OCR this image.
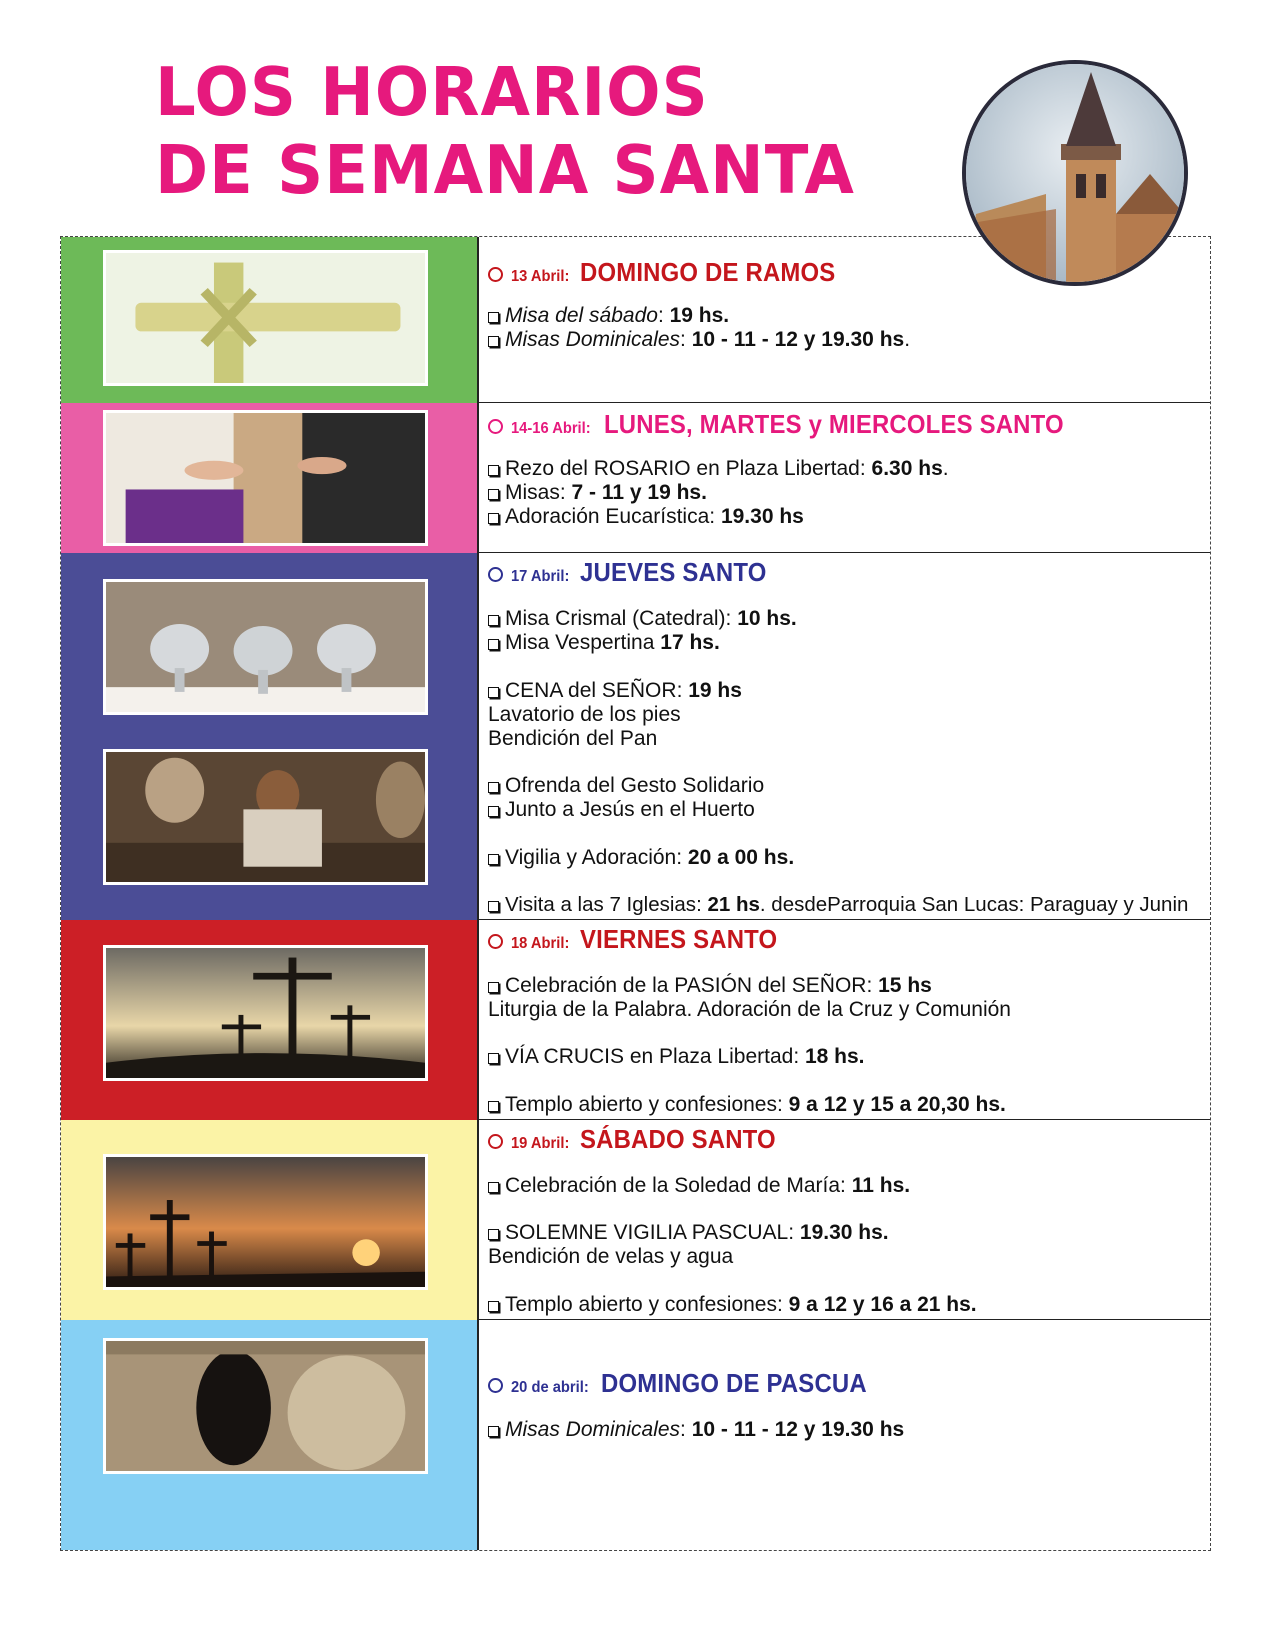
LOS HORARIOS
DE SEMANA SANTA
13 Abril: DOMINGO DE RAMOS
Misa del sábado: 19 hs.
Misas Dominicales: 10 - 11 - 12 y 19.30 hs.
14-16 Abril: LUNES, MARTES y MIERCOLES SANTO
Rezo del ROSARIO en Plaza Libertad: 6.30 hs.
Misas: 7 - 11 y 19 hs.
Adoración Eucarística: 19.30 hs
17 Abril: JUEVES SANTO
Misa Crismal (Catedral): 10 hs.
Misa Vespertina 17 hs.
CENA del SEÑOR: 19 hs
Lavatorio de los pies
Bendición del Pan
Ofrenda del Gesto Solidario
Junto a Jesús en el Huerto
Vigilia y Adoración: 20 a 00 hs.
Visita a las 7 Iglesias: 21 hs. desdeParroquia San Lucas: Paraguay y Junin
18 Abril: VIERNES SANTO
Celebración de la PASIÓN del SEÑOR: 15 hs
Liturgia de la Palabra. Adoración de la Cruz y Comunión
VÍA CRUCIS en Plaza Libertad: 18 hs.
Templo abierto y confesiones: 9 a 12 y 15 a 20,30 hs.
19 Abril: SÁBADO SANTO
Celebración de la Soledad de María: 11 hs.
SOLEMNE VIGILIA PASCUAL: 19.30 hs.
Bendición de velas y agua
Templo abierto y confesiones: 9 a 12 y 16 a 21 hs.
20 de abril: DOMINGO DE PASCUA
Misas Dominicales: 10 - 11 - 12 y 19.30 hs
